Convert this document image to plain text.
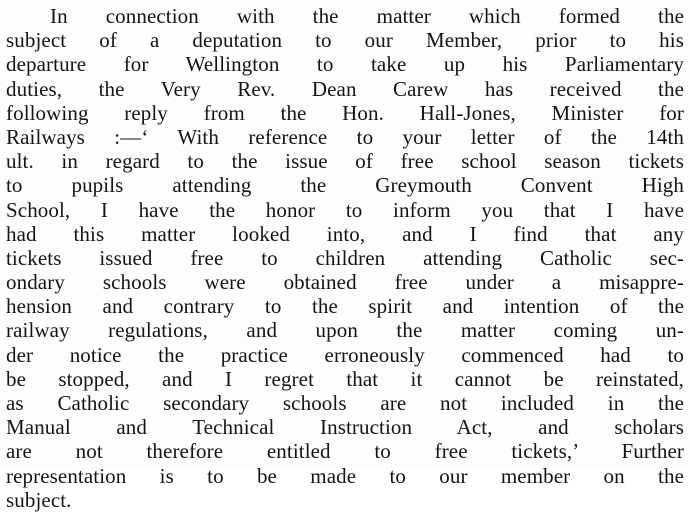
In connection with the matter which formed the
subject of a deputation to our Member, prior to his
departure for Wellington to take up his Parliamentary
duties, the Very Rev. Dean Carew has received the
following reply from the Hon. Hall-Jones, Minister for
Railways :—‘ With reference to your letter of the 14th
ult. in regard to the issue of free school season tickets
to pupils attending the Greymouth Convent High
School, I have the honor to inform you that I have
had this matter looked into, and I find that any
tickets issued free to children attending Catholic sec-
ondary schools were obtained free under a misappre-
hension and contrary to the spirit and intention of the
railway regulations, and upon the matter coming un-
der notice the practice erroneously commenced had to
be stopped, and I regret that it cannot be reinstated,
as Catholic secondary schools are not included in the
Manual and Technical Instruction Act, and scholars
are not therefore entitled to free tickets,’ Further
representation is to be made to our member on the
subject.
